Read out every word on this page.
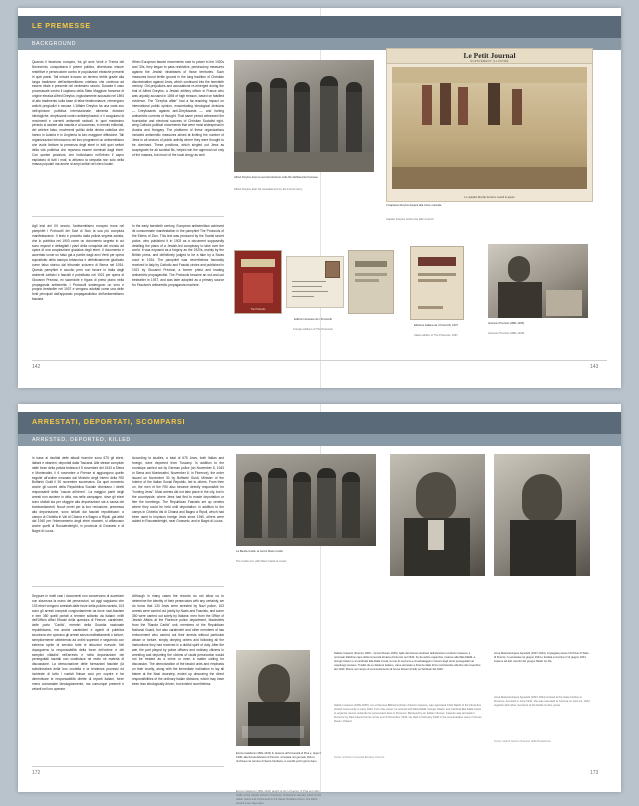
LE PREMESSE
BACKGROUND
Quando il fascismo europeo, fra gli anni Venti e Trenta del Novecento, conquistava il potere politico, divenivano misure restrittive e persecutorie contro le popolazioni ebraiche presenti in quei paesi. Tali misure trovano un terreno fertile grazie alla lunga tradizione dell'antisemitismo cristiano che continua ad essere vitale e presente nel ventesimo secolo. Durante il caso processuale contro il capitano della Stato Maggiore francese di origine ebraica Alfred Dreyfus, ingiustamente accusato nel 1894 di alto tradimento sulla base di false testimonianze, riemergono antichi pregiudizi e accuse. L'Affaire Dreyfus ha una varia eco nell'opinione pubblica internazionale, alimenta divisioni ideologiche, dreyfusardi contro antidreyfusardi, e il coagularsi di movimenti e correnti antisemiti radicali. In quel medesimo periodo si assiste alla nascita e al successo, in termini editoriali, del celebre falso, movimenti politici della destra cattolica che hanno in Austria e in Ungheria la loro maggiore diffusione. Tali organizzazioni introducono nel loro programmi un antisemitismo che vuole limitare la presenza degli ebrei in tutti quei settori della vita pubblica che reputano essere dominati dagli ebrei. Con queste posizioni, che individuano nell'ebreo il capro espiatorio di tutti i mali, si attivano la simpatia non solo della massa popolari ma anche di ampi settori del clero locale.
When European fascist movements rose to power in the 1920s and '30s, they began to pass restrictive, persecutory measures against the Jewish inhabitants of those territories. Such measures found fertile ground in the long tradition of Christian discrimination against Jews, which continued into the twentieth century. Old prejudices and accusations re-emerged during the trial of Alfred Dreyfus, a Jewish artillery officer in France who was unjustly accused in 1894 of high treason, based on falsified evidence. The "Dreyfus affair" had a far-reaching impact on international public opinion, exacerbating ideological divisions — Dreyfusards against anti-Dreyfusards — and fueling antisemitic currents of thought. That same period witnessed the foundation and electoral success of Christian Socialist right-wing Catholic political movements that were most widespread in Austria and Hungary. The platforms of these organizations included antisemitic measures aimed at limiting the number of Jews in all sectors of public activity where they were thought to be dominant. These positions, which singled out Jews as scapegoats for all societal ills, helped win the approval not only of the masses, but much of the local clergy as well.
Agli inizi del XX secolo, l'antisemitismo europeo trova nel pamphlet I Protocolli dei Savi di Sion la sua più compiuta manifestazione. Il testo è prodotto dalla polizia segreta zarista, che lo pubblica nel 1903 come un documento segreto in cui sono esposti e dettagliati i piani della conquista del mondo ad opera di una cospirazione giudaica degli ebrei. Il documento è accertato come un falso già a partire dagli anni Venti per opera soprattutto della stampa britannica e definitivamente giudicato come falso storico dal tribunale svizzero di Berna nel 1934. Questa pamphlet è accolto però con favore in Italia dagli ambienti cattolici e fascisti e pubblicato nel 1921 per opera di Giovanni Preziosi, ex sacerdote e figura di primo piano nella propaganda antisemita. I Protocolli sostengono un vero e proprio bestseller nel 1937 e vengono adottati come una delle fonti principali dall'apparato propagandistico dell'antisemitismo fascista.
In the early twentieth century, European antisemitism achieved its consummate manifestation in the pamphlet The Protocols of the Elders of Zion. This text was produced by the Tsarist secret police, who published it in 1903 as a document supposedly detailing the plans of a Jewish-led conspiracy to take over the world. It was exposed as a forgery as the 1920s, mainly by the British press, and definitively judged to be a fake by a Swiss court in 1934. The pamphlet was nevertheless favorably received in Italy by Catholic and Fascist circles and published in 1921 by Giovanni Preziosi, a former priest and leading antisemitic propagandist. The Protocols became an out-and-out bestseller in 1937, and was later adopted as a primary source for Fascism's antisemitic propaganda machine.
Alfred Dreyfus dopo la sua farmitazione nelle file dell'Esercito francese
Alfred Dreyfus after his reinstatement by the French army
Le Petit Journal
SUPPLÉMENT ILLUSTRÉ
Le capitaine Dreyfus devant le conseil de guerre
Il Capitano Dreyfus davanti alla Corte marziale
Captain Dreyfus before the War Council
The Protocols
Edizioni straniere de I Protocolli
Foreign editions of The Protocols
Edizione italiana de I Protocolli, 1937
Italian edition of The Protocols, 1937
Giovanni Preziosi (1881-1945)
Giovanni Preziosi (1881-1945)
142	143
ARRESTATI, DEPORTATI, SCOMPARSI
ARRESTED, DEPORTED, KILLED
In base ai risultati delle attuali ricerche sono 675 gli ebrei, italiani e stranieri, deportati dalla Toscana. Alle stesse compiute dalle forze della polizia tedesca il 5 novembre del 1943 a Siena e Montecatini, il 6 novembre a Firenze si aggiungono quelle seguite all'ordine emanato dal Ministro degli Interni della RSI Buffarini Guidi il 30 novembre successivo. Da quel momento anche gli uomini della Repubblica Sociale diventano i diretti responsabili della "caccia all'ebreo". La maggior parte degli arresti non avviene in città, ma nelle campagne, dove gli ebrei sono sfollati sia per sfuggire alla deportazione sia a causa dei bombardamenti. Nuovi centri per la loro reclusione, premessa alla deportazione, sono istituiti dai fascisti repubblicani: a campo di Civitella in Val di Chiana e a Bagno a Ripoli, già attivi dal 1940 per l'internamento degli ebrei stranieri, si affiancano anche quelli di Roccatederighi, in provincia di Grosseto e di Bagni di Lucca.
According to studies, a total of 675 Jews, both Italian and foreign, were deported from Tuscany. In addition to the roundups carried out by German police (on November 5, 1943 in Siena and Montecatini, November 6, in Florence), the order issued on November 30 by Buffarini Guidi, Minister of the Interior of the Italian Social Republic, led to others. From then on, the men of the RSI also became directly responsible for "hunting Jews". Most arrests did not take place in the city, but in the countryside, where Jews had fled to evade deportation or flee the bombings. The Republican Fascists set up centers where they could be held until deportation: in addition to the camps in Civitella Val di Chiana and Bagno a Ripoli, which had been used to imprison foreign Jews since 1940, others were added in Roccatederighi, near Grosseto, and in Bagni di Lucca.
Seppure in molti casi i documenti non conservano di accertare con sicurezza la mano dei persecutori, ad oggi sappiamo che 133 ebrei vengono arrestati dalle forze della polizia nazista, 103 sono gli arresti compiuti congiuntamente da forze nazi-fasciste e ben 350 quelli portati a termine soltanto da italiani: militi dell'Ufficio Affari Ebraici della questura di Firenze, carabinieri, delle porto "Carità", membri della Guardia nazionale repubblicana, ma anche carabinieri e agenti di pubblica sicurezza che operano gli arresti senza maltrattamenti o torture, semplicemente obbedendo ad ordini superiori e seguendo con estrema sprite di servizio tutte le istruzioni ricevute. Nel dopoguerra la responsabilità della forze del'ordine e dei semplici cittadini nell'arresto e nella deportazione dei perseguitati razziali non costituisce né reato né materia di discussione. La democrazione delle formazioni fasciste (la sottolineatura della loro crudeltà e la tendenza processi ed inchieste di tutto i nazisti finisce così per coprire e far dimenticare le responsabilità dirette di reparti italiani, forze meno comandate ideologicamente, ma comunque presenti e zelanti nel loro operare.
Although in many cases the records do not allow us to determine the identity of their persecutors with any certainty, we do know that 133 Jews were arrested by Nazi police, 103 arrests were carried out jointly by Nazis and Fascists, and some 350 were carried out solely by Italians: men from the Office of Jewish Affairs at the Florence police department, blackshirts from the "Banda Carità" unit, members of the Republican National Guard, but also carabinieri and other members of law enforcement who carried out their arrests without particular abuse or torture, simply obeying orders and following all the instructions they had received in a dutiful spirit of duty. After the war, the part played by police officers and ordinary citizens in arresting and deporting the victims of racial persecution would not be treated as a crime or even a matter calling for discussion. The demonization of the fascist units and emphasis on their cruelty, along with the immediate inclination to lay all blame at the Nazi doorstep, ended up obscuring the direct responsibilities of the ordinary Italian divisions, which may have been less ideologically driven, but existed nonetheless.
La Banda Carità, al centro Mario Carità
The Carita unit, with Mario Carita at center
Enrica Calabresi (1891-1944) fu docente all'Università di Pisa e, dopo il 1938, alla Scuola Ebraica di Firenze. Arrestata nel gennaio 1944 e rinchiusa nel carcere di Santa Verdiana, si suicidò pochi giorni dopo.
Enrica Calabresi (1891-1944) taught at the University of Pisa and after 1938, at the Jewish school in Florence. Arrested in January 1944 by the Italian police and imprisoned in the Santa Verdiana prison, she killed herself a few days later.
Nathan Cassuto (Firenze 1909 – Grossi Rosen 1945), figlio del famoso studioso dell'ebraismo Umberto Cassuto, è nominato Rabbino capo della Comunità ebraica di Firenze nel 1943. Fu da subito organizza, insieme alla DELASEM, a Giorgio Nissim e al cardinale Elia Dalla Costa, la rete di soccorso e di salvataggio in favore degli ebrei perseguitati nel capoluogo toscano. Tradito da un delatore italiano, viene arrestato a Firenze dalle forze nazi-fasciste alla fine del novembre del 1943. Muore nel campo di concentramento di Gross Rosen (Friuli) nel febbraio del 1945.
Nathan Cassuto (1909-1945), son of famous Biblical scholar Umberto Cassuto, was appointed Chief Rabbi of the Florentine Jewish Community in early 1943. From the outset, he worked with DELASEM, Giorgio Nissim and Cardinal Elia Dalla Costa to organize rescue networks for persecuted Jews in Florence. Betrayed by an Italian informer, Cassuto was arrested in Florence by Nazi-Fascist forces at the end of November 1943. He died in February 1945 in the concentration camp of Gross Rosen, Poland.
Fonte: Archivio Comunità Ebraica, Firenze
Anna Maria Enriques Agnoletti (1907-1944), impiegata presso l'Archivio di Stato di Firenze, fu arrestata nel giugno 1944 e fucilata a Cercina il 12 giugno 1944 insieme ad altri membri del gruppo Radio Co.Ra.
Anna Maria Enriques Agnoletti (1907-1944) worked at the State Archive in Florence. Arrested in June 1944, she was executed at Cercina on June 12, 1944 together with other members of the Radio Co.Ra. group.
Fonte: Istituto Storico Toscano della Resistenza
172	173
